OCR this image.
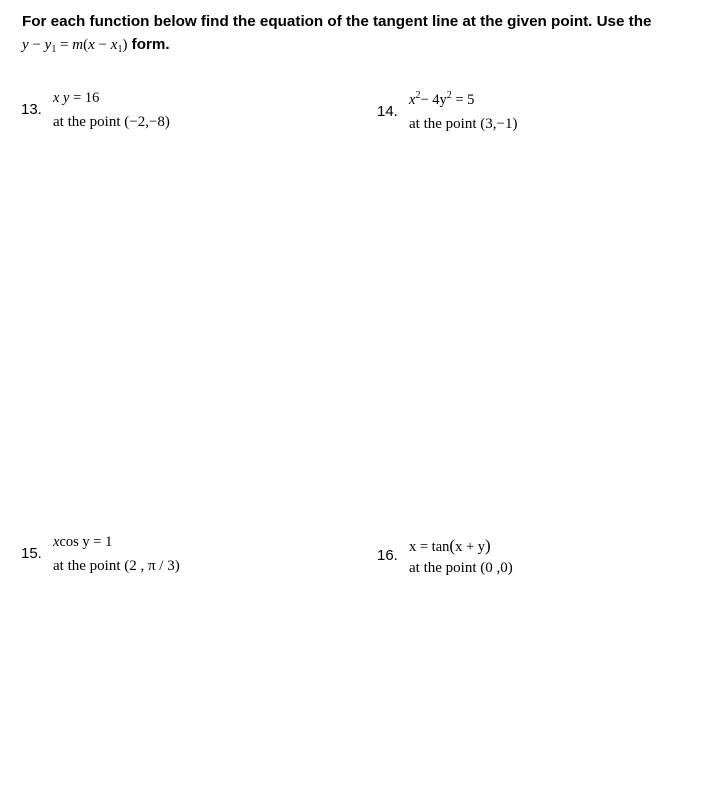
For each function below find the equation of the tangent line at the given point. Use the
$y - y_1 = m(x - x_1)$ form.
13.
x y = 16
at the point (−2,−8)
14.
$x^2- 4y^2 = 5$
at the point (3,−1)
15.
xcos y = 1
at the point (2 , π / 3)
16. x = tan(x + y)
at the point (0 ,0)
